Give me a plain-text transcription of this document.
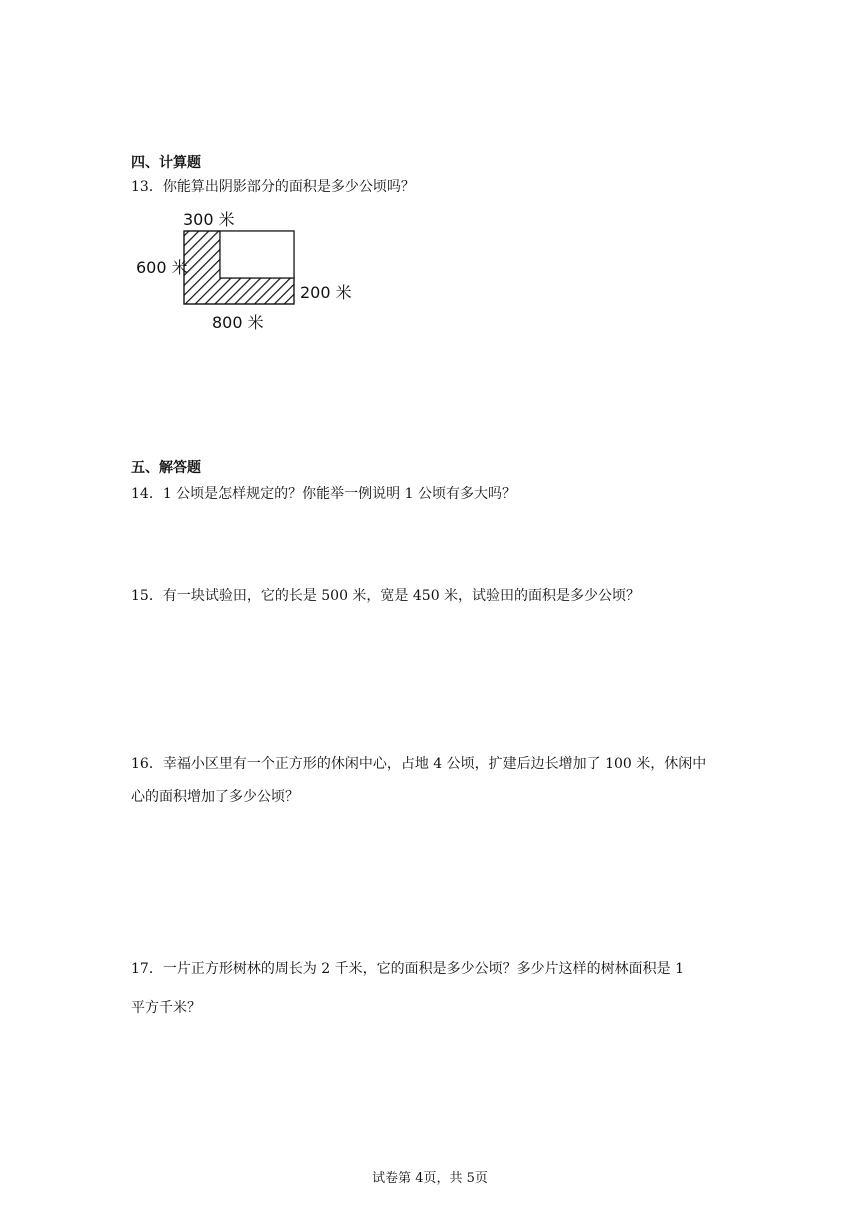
四、计算题
13．你能算出阴影部分的面积是多少公顷吗？
300 米
600 米
200 米
800 米
五、解答题
14．1 公顷是怎样规定的？你能举一例说明 1 公顷有多大吗？
15．有一块试验田，它的长是 500 米，宽是 450 米，试验田的面积是多少公顷？
16．幸福小区里有一个正方形的休闲中心，占地 4 公顷，扩建后边长增加了 100 米，休闲中
心的面积增加了多少公顷？
17．一片正方形树林的周长为 2 千米，它的面积是多少公顷？多少片这样的树林面积是 1
平方千米？
试卷第 4页，共 5页
